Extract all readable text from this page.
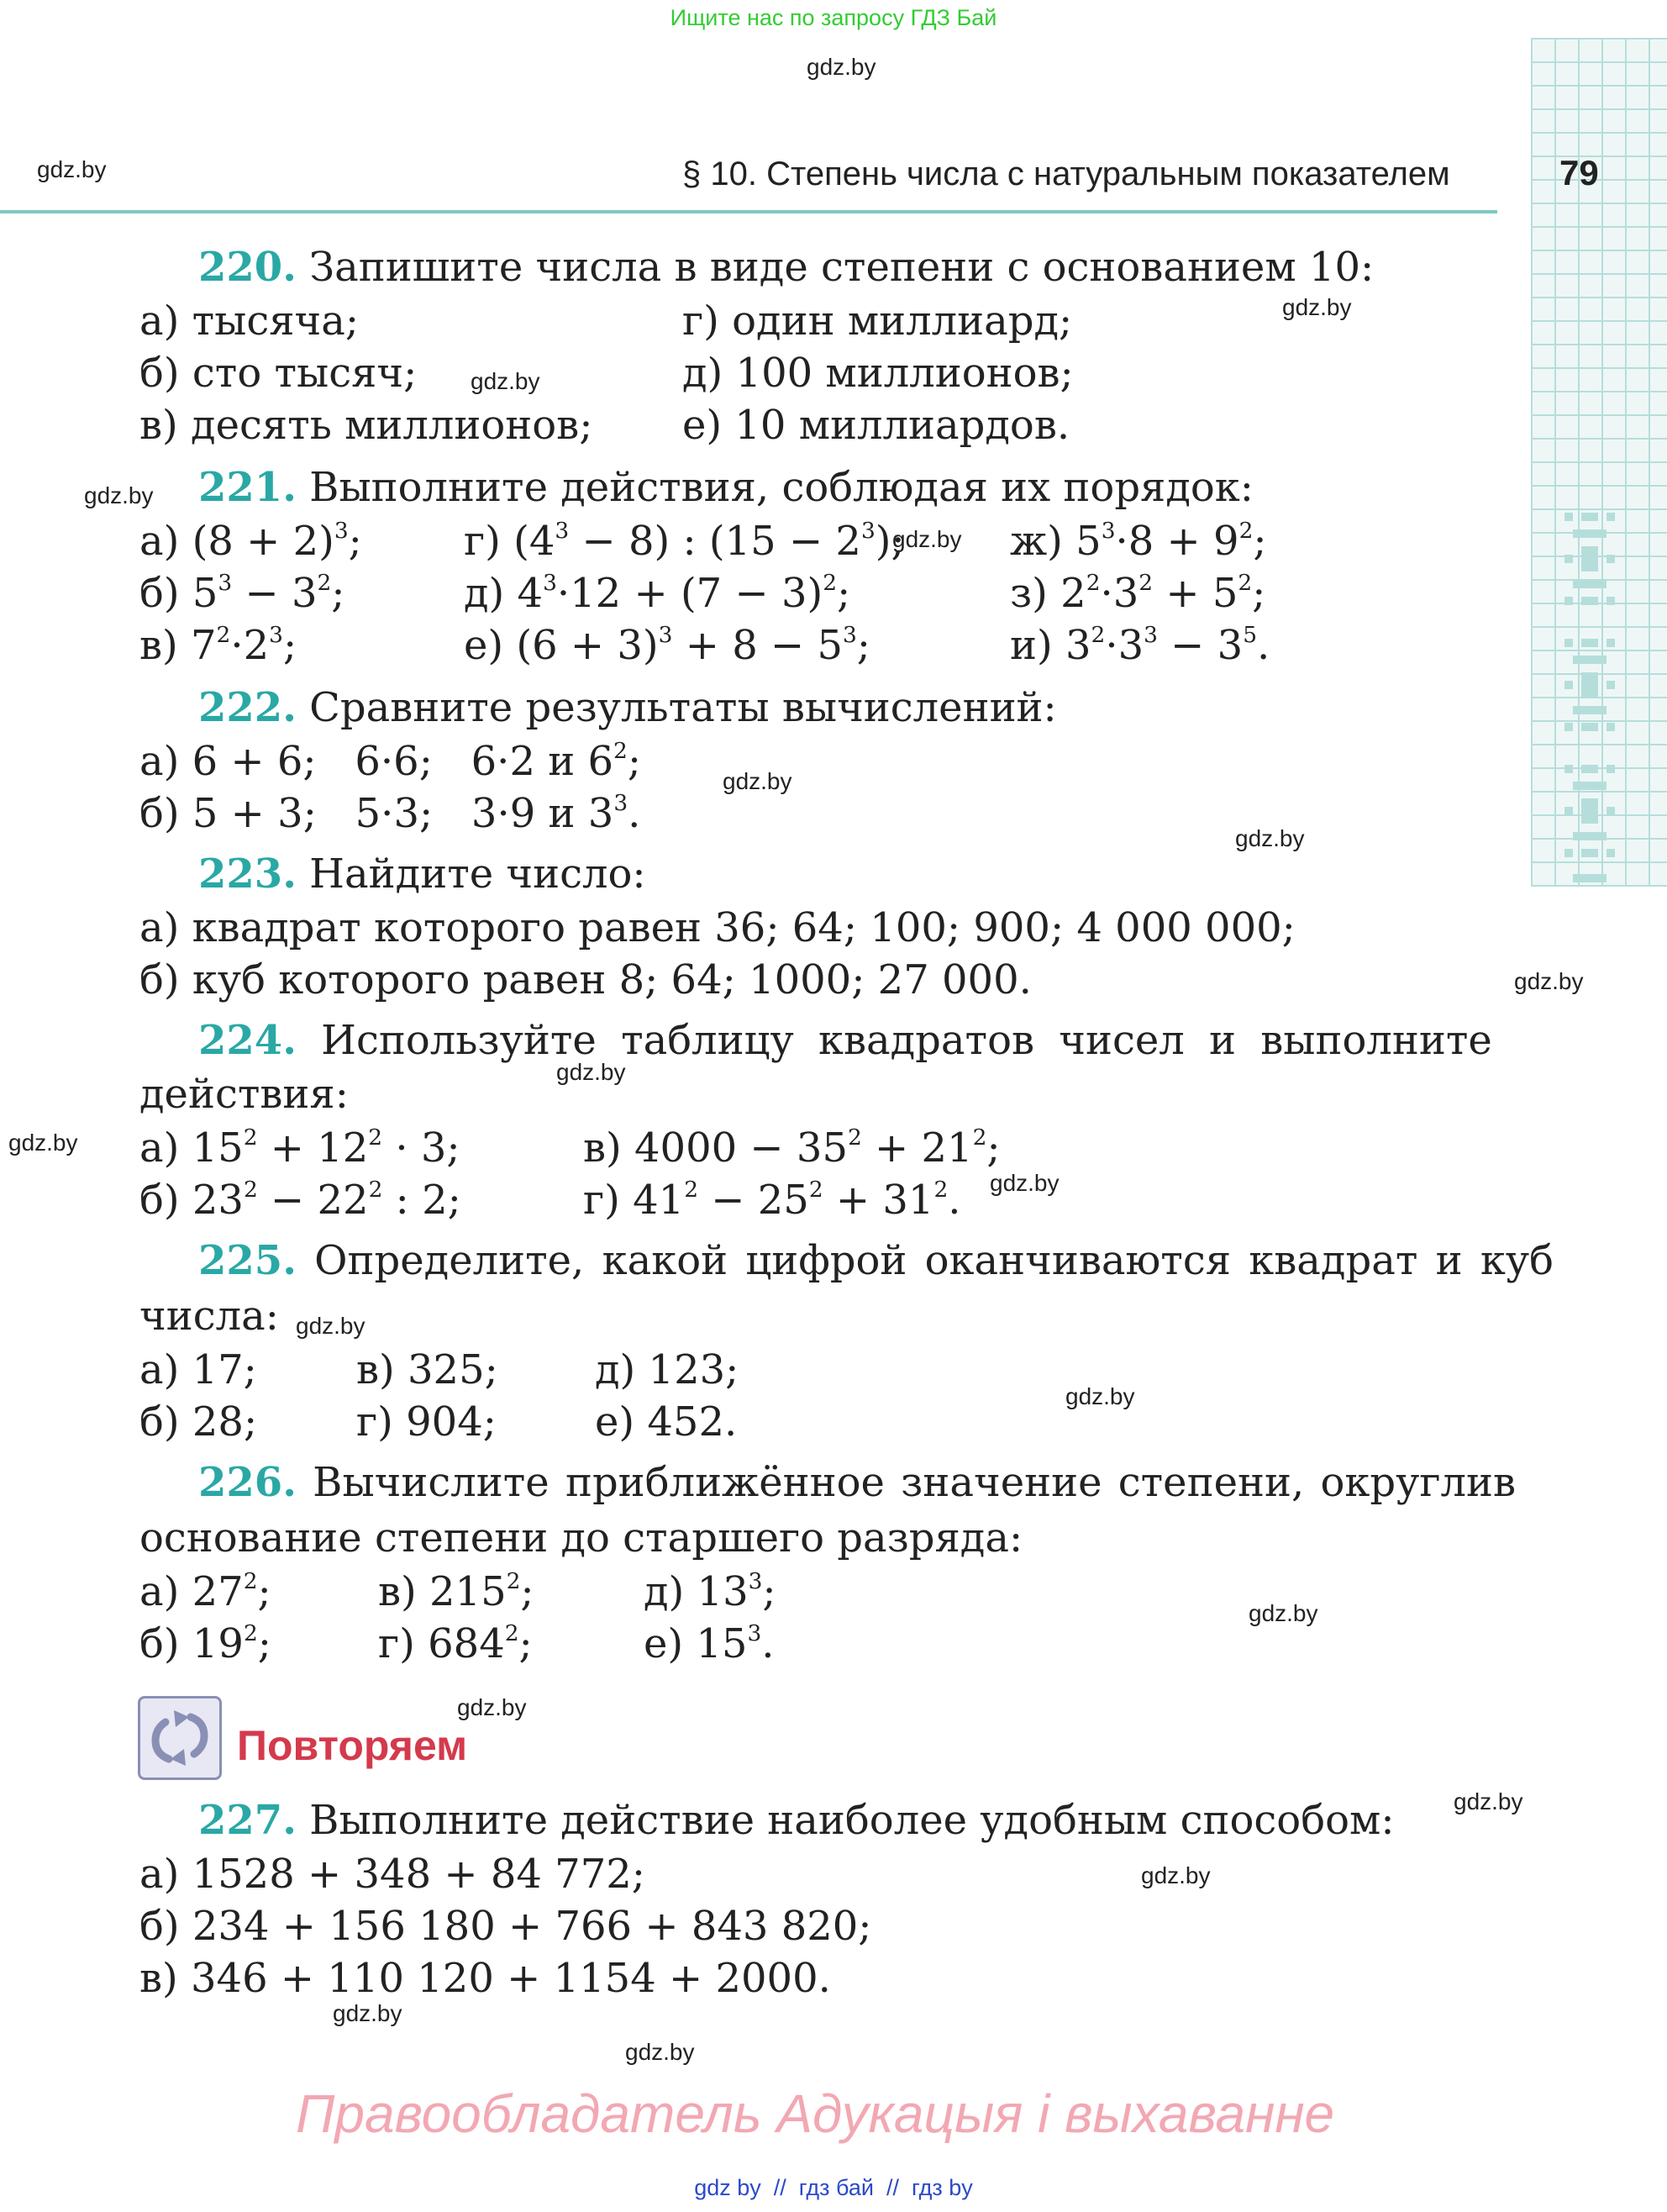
Ищите нас по запросу ГДЗ Бай
§ 10. Степень числа с натуральным показателем	79
gdz.by
gdz.by
gdz.by
gdz.by
gdz.by
gdz.by
gdz.by
gdz.by
gdz.by
gdz.by
gdz.by
gdz.by
gdz.by
gdz.by
gdz.by
gdz.by
gdz.by
gdz.by
gdz.by
gdz.by
220. Запишите числа в виде степени с основанием 10:
а) тысяча;
б) сто тысяч;
в) десять миллионов;
г) один миллиард;
д) 100 миллионов;
е) 10 миллиардов.
221. Выполните действия, соблюдая их порядок:
а) $(8 + 2)^3$;
б) $5^3 - 3^2$;
в) $7^2\cdot 2^3$;
г) $(4^3 - 8)$ : $(15 - 2^3)$;
д) $4^3\cdot 12 + (7 - 3)^2$;
е) $(6 + 3)^3 + 8 - 5^3$;
ж) $5^3\cdot 8 + 9^2$;
з) $2^2\cdot 3^2 + 5^2$;
и) $3^2\cdot 3^3 - 3^5$.
222. Сравните результаты вычислений:
а) 6 + 6;   6·6;   6·2 и $6^2$;
б) 5 + 3;   5·3;   3·9 и $3^3$.
223. Найдите число:
а) квадрат которого равен 36; 64; 100; 900; 4 000 000;
б) куб которого равен 8; 64; 1000; 27 000.
224. Используйте таблицу квадратов чисел и выполните
действия:
а) $15^2 + 12^2 \cdot 3$;
б) $23^2 - 22^2$ : 2;
в) $4000 - 35^2 + 21^2$;
г) $41^2 - 25^2 + 31^2$.
225. Определите, какой цифрой оканчиваются квадрат и куб
числа:
а) 17;
б) 28;
в) 325;
г) 904;
д) 123;
е) 452.
226. Вычислите приближённое значение степени, округлив
основание степени до старшего разряда:
а) $27^2$;
б) $19^2$;
в) $215^2$;
г) $684^2$;
д) $13^3$;
е) $15^3$.
Повторяем
227. Выполните действие наиболее удобным способом:
а) 1528 + 348 + 84 772;
б) 234 + 156 180 + 766 + 843 820;
в) 346 + 110 120 + 1154 + 2000.
Правообладатель Адукацыя і выхаванне
gdz by  //  гдз бай  //  гдз by
